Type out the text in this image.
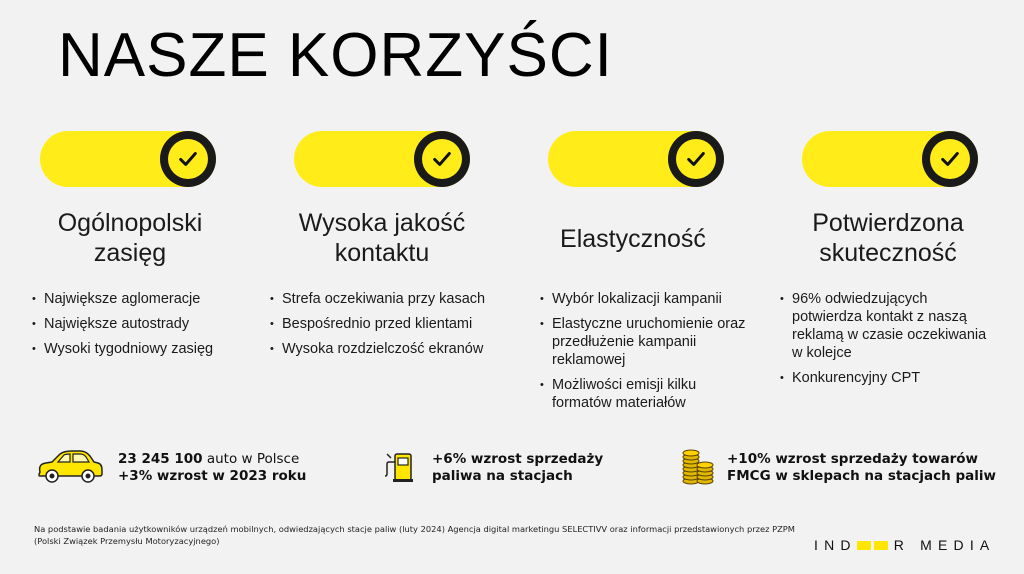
NASZE KORZYŚCI
Ogólnopolski
zasięg
• Największe aglomeracje
• Największe autostrady
• Wysoki tygodniowy zasięg
Wysoka jakość
kontaktu
• Strefa oczekiwania przy kasach
• Bespośrednio przed klientami
• Wysoka rozdzielczość ekranów
Elastyczność
• Wybór lokalizacji kampanii
• Elastyczne uruchomienie oraz przedłużenie kampanii reklamowej
• Możliwości emisji kilku formatów materiałów
Potwierdzona
skuteczność
• 96% odwiedzujących potwierdza kontakt z naszą reklamą w czasie oczekiwania w kolejce
• Konkurencyjny CPT
23 245 100 auto w Polsce
+3% wzrost w 2023 roku
+6% wzrost sprzedaży
paliwa na stacjach
+10% wzrost sprzedaży towarów
FMCG w sklepach na stacjach paliw
Na podstawie badania użytkowników urządzeń mobilnych, odwiedzających stacje paliw (luty 2024) Agencja digital marketingu SELECTIVV oraz informacji przedstawionych przez PZPM (Polski Związek Przemysłu Motoryzacyjnego)	IND	R MEDIA
